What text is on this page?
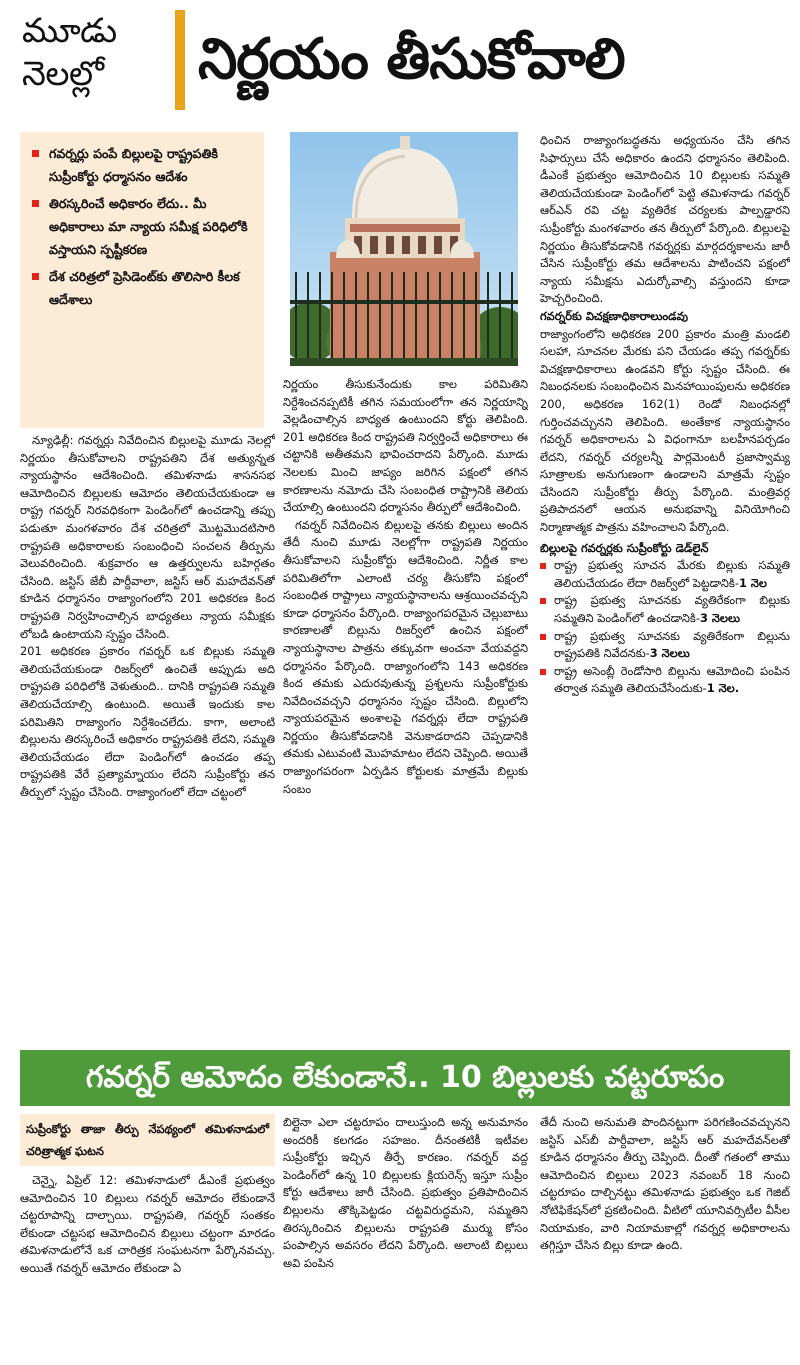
మూడు
నెలల్లో	నిర్ణయం తీసుకోవాలి
గవర్నర్లు పంపే బిల్లులపై రాష్ట్రపతికి సుప్రీంకోర్టు ధర్మాసనం ఆదేశం
తిరస్కరించే అధికారం లేదు.. మీ అధికారాలు మా న్యాయ సమీక్ష పరిధిలోకి వస్తాయని స్పష్టీకరణ
దేశ చరిత్రలో ప్రెసిడెంట్‌కు తొలిసారి కీలక ఆదేశాలు

న్యూఢిల్లీ: గవర్నర్లు నివేదించిన బిల్లులపై మూడు నెలల్లో నిర్ణయం తీసుకోవాలని రాష్ట్రపతిని దేశ అత్యున్నత న్యాయస్థానం ఆదేశించింది. తమిళనాడు శాసనసభ ఆమోదించిన బిల్లులకు ఆమోదం తెలియచేయకుండా ఆ రాష్ట్ర గవర్నర్ నిరవధికంగా పెండింగ్‌లో ఉంచడాన్ని తప్పు పడుతూ మంగళవారం దేశ చరిత్రలో మొట్టమొదటిసారి రాష్ట్రపతి అధికారాలకు సంబంధించి సంచలన తీర్పును వెలువరించింది. శుక్రవారం ఆ ఉత్తర్వులను బహిర్గతం చేసింది. జస్టిస్ జేబీ పార్దీవాలా, జస్టిస్ ఆర్ మహదేవన్‌తో కూడిన ధర్మాసనం రాజ్యాంగంలోని 201 అధికరణ కింద రాష్ట్రపతి నిర్వహించాల్సిన బాధ్యతలు న్యాయ సమీక్షకు లోబడి ఉంటాయని స్పష్టం చేసింది.

201 అధికరణ ప్రకారం గవర్నర్ ఒక బిల్లుకు సమ్మతి తెలియచేయకుండా రిజర్వ్‌లో ఉంచితే అప్పుడు అది రాష్ట్రపతి పరిధిలోకి వెళుతుంది.. దానికి రాష్ట్రపతి సమ్మతి తెలియచేయాల్సి ఉంటుంది. అయితే ఇందుకు కాల పరిమితిని రాజ్యాంగం నిర్దేశించలేదు. కాగా, అలాంటి బిల్లులను తిరస్కరించే అధికారం రాష్ట్రపతికి లేదని, సమ్మతి తెలియచేయడం లేదా పెండింగ్‌లో ఉంచడం తప్ప రాష్ట్రపతికి వేరే ప్రత్యామ్నాయం లేదని సుప్రీంకోర్టు తన తీర్పులో స్పష్టం చేసింది. రాజ్యాంగంలో లేదా చట్టంలో

నిర్ణయం తీసుకునేందుకు కాల పరిమితిని నిర్దేశించనప్పటికీ తగిన సమయంలోగా తన నిర్ణయాన్ని వెల్లడించాల్సిన బాధ్యత ఉంటుందని కోర్టు తెలిపింది. 201 అధికరణ కింద రాష్ట్రపతి నిర్వర్తించే అధికారాలు ఈ చట్టానికి అతీతమని భావించరాదని పేర్కొంది. మూడు నెలలకు మించి జాప్యం జరిగిన పక్షంలో తగిన కారణాలను నమోదు చేసి సంబంధిత రాష్ట్రానికి తెలియ చేయాల్సి ఉంటుందని ధర్మాసనం తీర్పులో ఆదేశించింది.

గవర్నర్ నివేదించిన బిల్లులపై తనకు బిల్లులు అందిన తేదీ నుంచి మూడు నెలల్లోగా రాష్ట్రపతి నిర్ణయం తీసుకోవాలని సుప్రీంకోర్టు ఆదేశించింది. నిర్ణీత కాల పరిమితిలోగా ఎలాంటి చర్య తీసుకోని పక్షంలో సంబంధిత రాష్ట్రాలు న్యాయస్థానాలను ఆశ్రయించవచ్చని కూడా ధర్మాసనం పేర్కొంది. రాజ్యాంగపరమైన చెల్లుబాటు కారణాలతో బిల్లును రిజర్వ్‌లో ఉంచిన పక్షంలో న్యాయస్థానాల పాత్రను తక్కువగా అంచనా వేయవద్దని ధర్మాసనం పేర్కొంది. రాజ్యాంగంలోని 143 అధికరణ కింద తమకు ఎదురవుతున్న ప్రశ్నలను సుప్రీంకోర్టుకు నివేదించవచ్చని ధర్మాసనం స్పష్టం చేసింది. బిల్లులోని న్యాయపరమైన అంశాలపై గవర్నర్లు లేదా రాష్ట్రపతి నిర్ణయం తీసుకోవడానికి వెనుకాడరాదని చెప్పడానికి తమకు ఎటువంటి మొహమాటం లేదని చెప్పింది. అయితే రాజ్యాంగపరంగా ఏర్పడిన కోర్టులకు మాత్రమే బిల్లుకు సంబం

ధించిన రాజ్యాంగబద్ధతను అధ్యయనం చేసి తగిన సిఫార్సులు చేసే అధికారం ఉందని ధర్మాసనం తెలిపింది. డీఎంకే ప్రభుత్వం ఆమోదించిన 10 బిల్లులకు సమ్మతి తెలియచేయకుండా పెండింగ్‌లో పెట్టి తమిళనాడు గవర్నర్ ఆర్‌ఎన్ రవి చట్ట వ్యతిరేక చర్యలకు పాల్పడ్డారని సుప్రీంకోర్టు మంగళవారం తన తీర్పులో పేర్కొంది. బిల్లులపై నిర్ణయం తీసుకోవడానికి గవర్నర్లకు మార్గదర్శకాలను జారీ చేసిన సుప్రీంకోర్టు తమ ఆదేశాలను పాటించని పక్షంలో న్యాయ సమీక్షను ఎదుర్కోవాల్సి వస్తుందని కూడా హెచ్చరించింది.

గవర్నర్‌కు విచక్షణాధికారాలుండవు

రాజ్యాంగంలోని అధికరణ 200 ప్రకారం మంత్రి మండలి సలహా, సూచనల మేరకు పని చేయడం తప్ప గవర్నర్‌కు విచక్షణాధికారాలు ఉండవని కోర్టు స్పష్టం చేసింది. ఈ నిబంధనలకు సంబంధించిన మినహాయింపులను అధికరణ 200, అధికరణ 162(1) రెండో నిబంధనల్లో గుర్తించవచ్చునని తెలిపింది. అంతేకాక న్యాయస్థానం గవర్నర్ అధికారాలను ఏ విధంగానూ బలహీనపర్చడం లేదని, గవర్నర్ చర్యలన్నీ పార్లమెంటరీ ప్రజాస్వామ్య సూత్రాలకు అనుగుణంగా ఉండాలని మాత్రమే స్పష్టం చేసిందని సుప్రీంకోర్టు తీర్పు పేర్కొంది. మంత్రివర్గ ప్రతిపాదనలో ఆయన అనుభవాన్ని వినియోగించి నిర్మాణాత్మక పాత్రను వహించాలని పేర్కొంది.

బిల్లులపై గవర్నర్లకు సుప్రీంకోర్టు డెడ్‌లైన్
రాష్ట్ర ప్రభుత్వ సూచన మేరకు బిల్లుకు సమ్మతి తెలియచేయడం లేదా రిజర్వ్‌లో పెట్టడానికి-1 నెల
రాష్ట్ర ప్రభుత్వ సూచనకు వ్యతిరేకంగా బిల్లుకు సమ్మతిని పెండింగ్‌లో ఉంచడానికి-3 నెలలు
రాష్ట్ర ప్రభుత్వ సూచనకు వ్యతిరేకంగా బిల్లును రాష్ట్రపతికి నివేదనకు-3 నెలలు
రాష్ట్ర అసెంబ్లీ రెండోసారి బిల్లును ఆమోదించి పంపిన తర్వాత సమ్మతి తెలియచేసేందుకు-1 నెల.
గవర్నర్ ఆమోదం లేకుండానే.. 10 బిల్లులకు చట్టరూపం
సుప్రీంకోర్టు తాజా తీర్పు నేపథ్యంలో తమిళనాడులో చరిత్రాత్మక ఘటన

చెన్నై, ఏప్రిల్ 12: తమిళనాడులో డీఎంకే ప్రభుత్వం ఆమోదించిన 10 బిల్లులు గవర్నర్ ఆమోదం లేకుండానే చట్టరూపాన్ని దాల్చాయి. రాష్ట్రపతి, గవర్నర్ సంతకం లేకుండా చట్టసభ ఆమోదించిన బిల్లులు చట్టంగా మారడం తమిళనాడులోనే ఒక చారిత్రక సంఘటనగా పేర్కొనవచ్చు. అయితే గవర్నర్ ఆమోదం లేకుండా ఏ

బిల్లైనా ఎలా చట్టరూపం దాలుస్తుంది అన్న అనుమానం అందరికీ కలగడం సహజం. దీనంతటికీ ఇటీవల సుప్రీంకోర్టు ఇచ్చిన తీర్పే కారణం. గవర్నర్ వద్ద పెండింగ్‌లో ఉన్న 10 బిల్లులకు క్లియరెన్స్ ఇస్తూ సుప్రీం కోర్టు ఆదేశాలు జారీ చేసింది. ప్రభుత్వం ప్రతిపాదించిన బిల్లులను తొక్కిపెట్టడం చట్టవిరుద్ధమని, సమ్మతిని తిరస్కరించిన బిల్లులను రాష్ట్రపతి ముర్ము కోసం పంపాల్సిన అవసరం లేదని పేర్కొంది. అలాంటి బిల్లులు అవి పంపిన

తేదీ నుంచి అనుమతి పొందినట్టుగా పరిగణించవచ్చునని జస్టిస్ ఎస్‌బీ పార్దీవాలా, జస్టిస్ ఆర్ మహదేవన్‌లతో కూడిన ధర్మాసనం తీర్పు చెప్పింది. దీంతో గతంలో తాము ఆమోదించిన బిల్లులు 2023 నవంబర్ 18 నుంచి చట్టరూపం దాల్చినట్టు తమిళనాడు ప్రభుత్వం ఒక గెజిట్ నోటిఫికేషన్‌లో ప్రకటించింది. వీటిలో యూనివర్సిటీల వీసీల నియామకం, వారి నియామకాల్లో గవర్నర్ల అధికారాలను తగ్గిస్తూ చేసిన బిల్లు కూడా ఉంది.
